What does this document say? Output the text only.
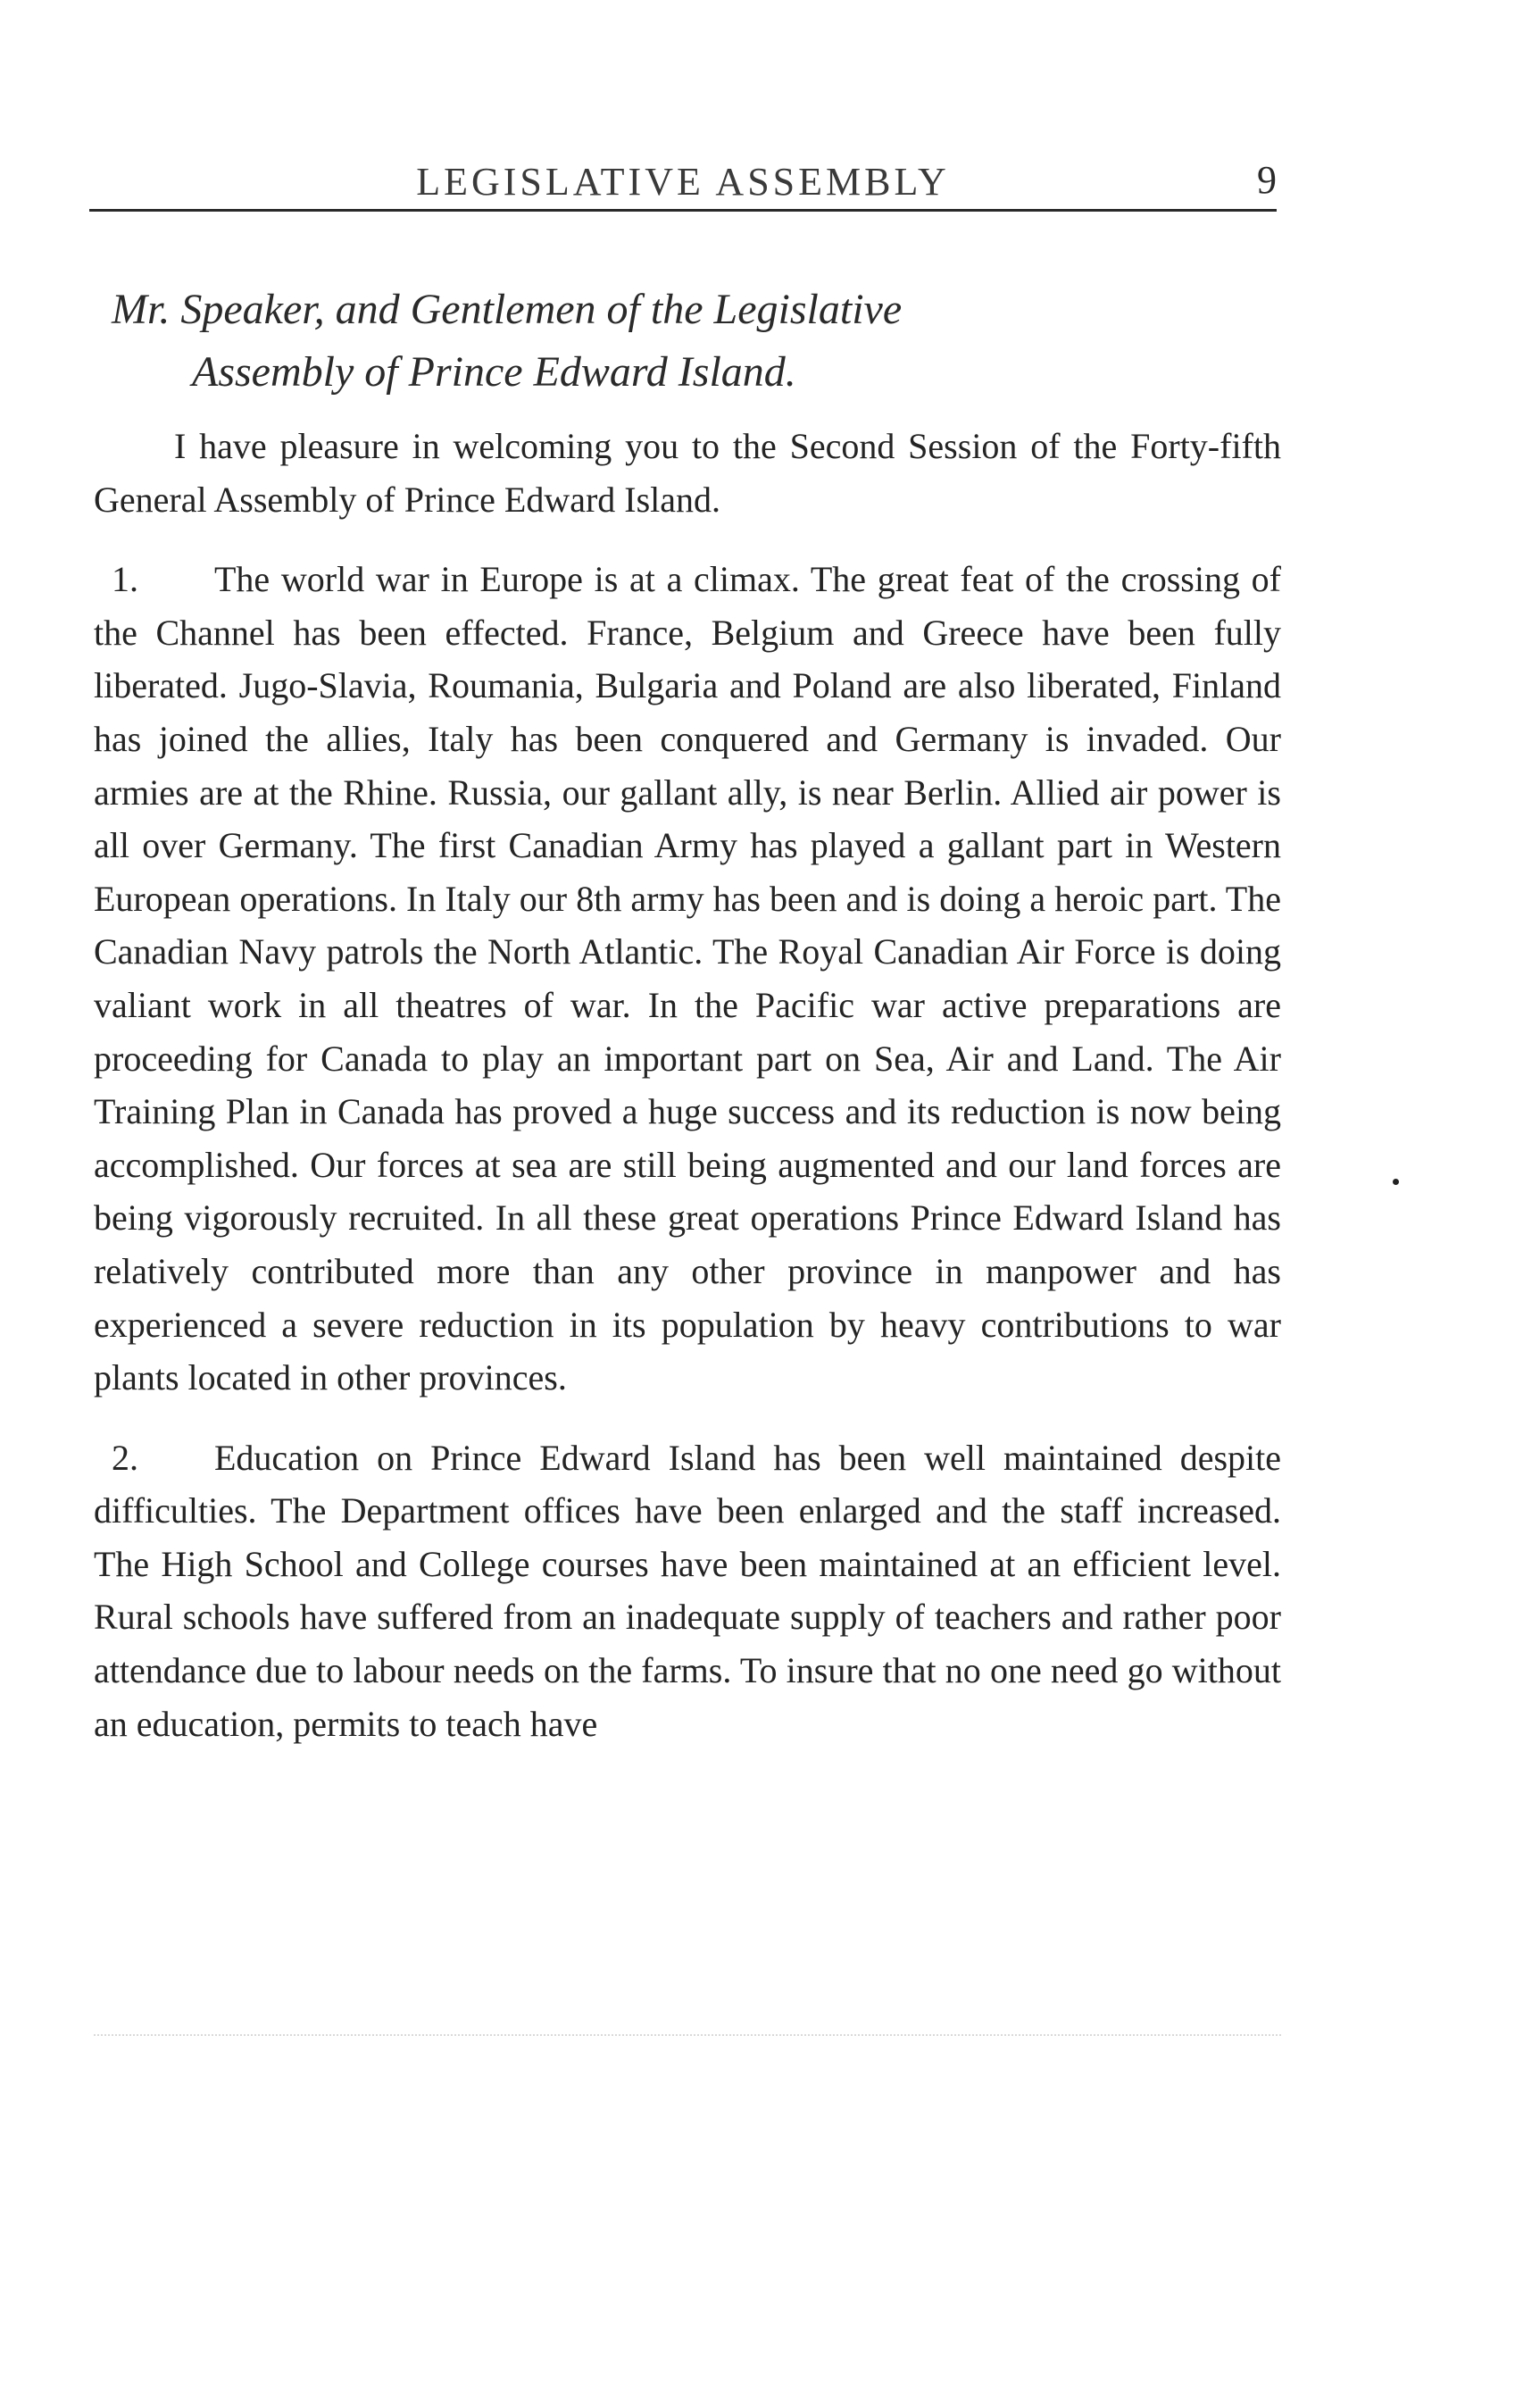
LEGISLATIVE ASSEMBLY	9
Mr. Speaker, and Gentlemen of the Legislative
Assembly of Prince Edward Island.

I have pleasure in welcoming you to the Second Session of the Forty-fifth General Assembly of Prince Edward Island.

1. The world war in Europe is at a climax. The great feat of the crossing of the Channel has been effected. France, Belgium and Greece have been fully liberated. Jugo-Slavia, Roumania, Bulgaria and Poland are also liberated, Finland has joined the allies, Italy has been conquered and Germany is invaded. Our armies are at the Rhine. Russia, our gallant ally, is near Berlin. Allied air power is all over Germany. The first Canadian Army has played a gallant part in Western European operations. In Italy our 8th army has been and is doing a heroic part. The Canadian Navy patrols the North Atlantic. The Royal Canadian Air Force is doing valiant work in all theatres of war. In the Pacific war active preparations are proceeding for Canada to play an important part on Sea, Air and Land. The Air Training Plan in Canada has proved a huge success and its reduction is now being accomplished. Our forces at sea are still being augmented and our land forces are being vigorously recruited. In all these great operations Prince Edward Island has relatively contributed more than any other province in manpower and has experienced a severe reduction in its population by heavy contributions to war plants located in other provinces.

2. Education on Prince Edward Island has been well maintained despite difficulties. The Department offices have been enlarged and the staff increased. The High School and College courses have been maintained at an efficient level. Rural schools have suffered from an inadequate supply of teachers and rather poor attendance due to labour needs on the farms. To insure that no one need go without an education, permits to teach have
